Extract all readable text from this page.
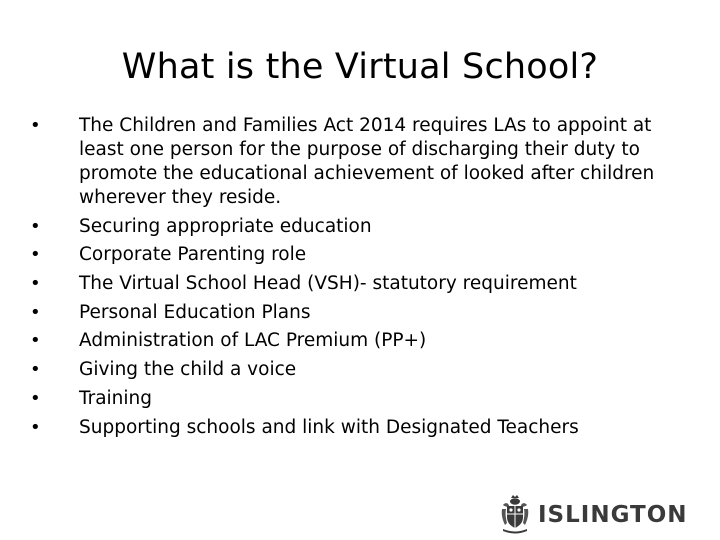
What is the Virtual School?
• The Children and Families Act 2014 requires LAs to appoint at least one person for the purpose of discharging their duty to promote the educational achievement of looked after children wherever they reside.
• Securing appropriate education
• Corporate Parenting role
• The Virtual School Head (VSH)- statutory requirement
• Personal Education Plans
• Administration of LAC Premium (PP+)
• Giving the child a voice
• Training
• Supporting schools and link with Designated Teachers
ISLINGTON
